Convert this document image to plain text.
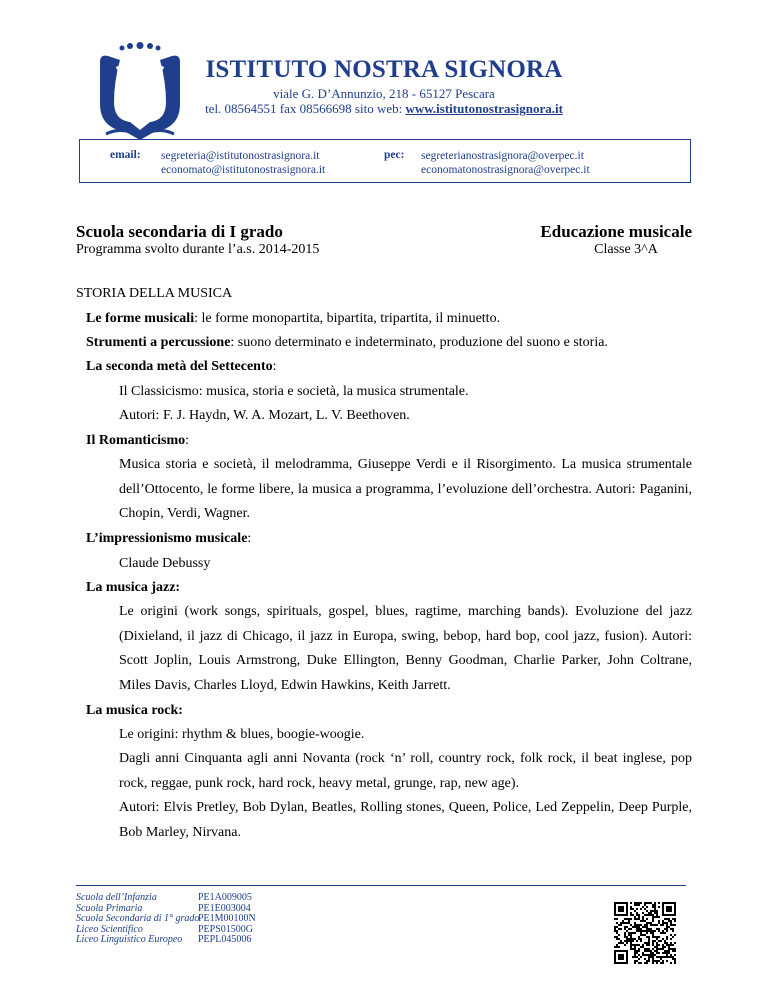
ISTITUTO NOSTRA SIGNORA
viale G. D’Annunzio, 218 - 65127 Pescara
tel. 08564551 fax 08566698 sito web: www.istitutonostrasignora.it
email: segreteria@istitutonostrasignora.it
economato@istitutonostrasignora.it
pec: segreterianostrasignora@overpec.it
economatonostrasignora@overpec.it
Scuola secondaria di I grado
Programma svolto durante l’a.s. 2014-2015
Educazione musicale
Classe 3^A
STORIA DELLA MUSICA
Le forme musicali: le forme monopartita, bipartita, tripartita, il minuetto.
Strumenti a percussione: suono determinato e indeterminato, produzione del suono e storia.
La seconda metà del Settecento:
Il Classicismo: musica, storia e società, la musica strumentale.
Autori: F. J. Haydn, W. A. Mozart, L. V. Beethoven.
Il Romanticismo:
Musica storia e società, il melodramma, Giuseppe Verdi e il Risorgimento. La musica strumentale dell’Ottocento, le forme libere, la musica a programma, l’evoluzione dell’orchestra. Autori: Paganini, Chopin, Verdi, Wagner.
L’impressionismo musicale:
Claude Debussy
La musica jazz:
Le origini (work songs, spirituals, gospel, blues, ragtime, marching bands). Evoluzione del jazz (Dixieland, il jazz di Chicago, il jazz in Europa, swing, bebop, hard bop, cool jazz, fusion). Autori: Scott Joplin, Louis Armstrong, Duke Ellington, Benny Goodman, Charlie Parker, John Coltrane, Miles Davis, Charles Lloyd, Edwin Hawkins, Keith Jarrett.
La musica rock:
Le origini: rhythm & blues, boogie-woogie.
Dagli anni Cinquanta agli anni Novanta (rock ‘n’ roll, country rock, folk rock, il beat inglese, pop rock, reggae, punk rock, hard rock, heavy metal, grunge, rap, new age).
Autori: Elvis Pretley, Bob Dylan, Beatles, Rolling stones, Queen, Police, Led Zeppelin, Deep Purple, Bob Marley, Nirvana.
Scuola dell’Infanzia
Scuola Primaria
Scuola Secondaria di 1° grado
Liceo Scientifico
Liceo Linguistico Europeo
PE1A009005
PE1E003004
PE1M00100N
PEPS01500G
PEPL045006
